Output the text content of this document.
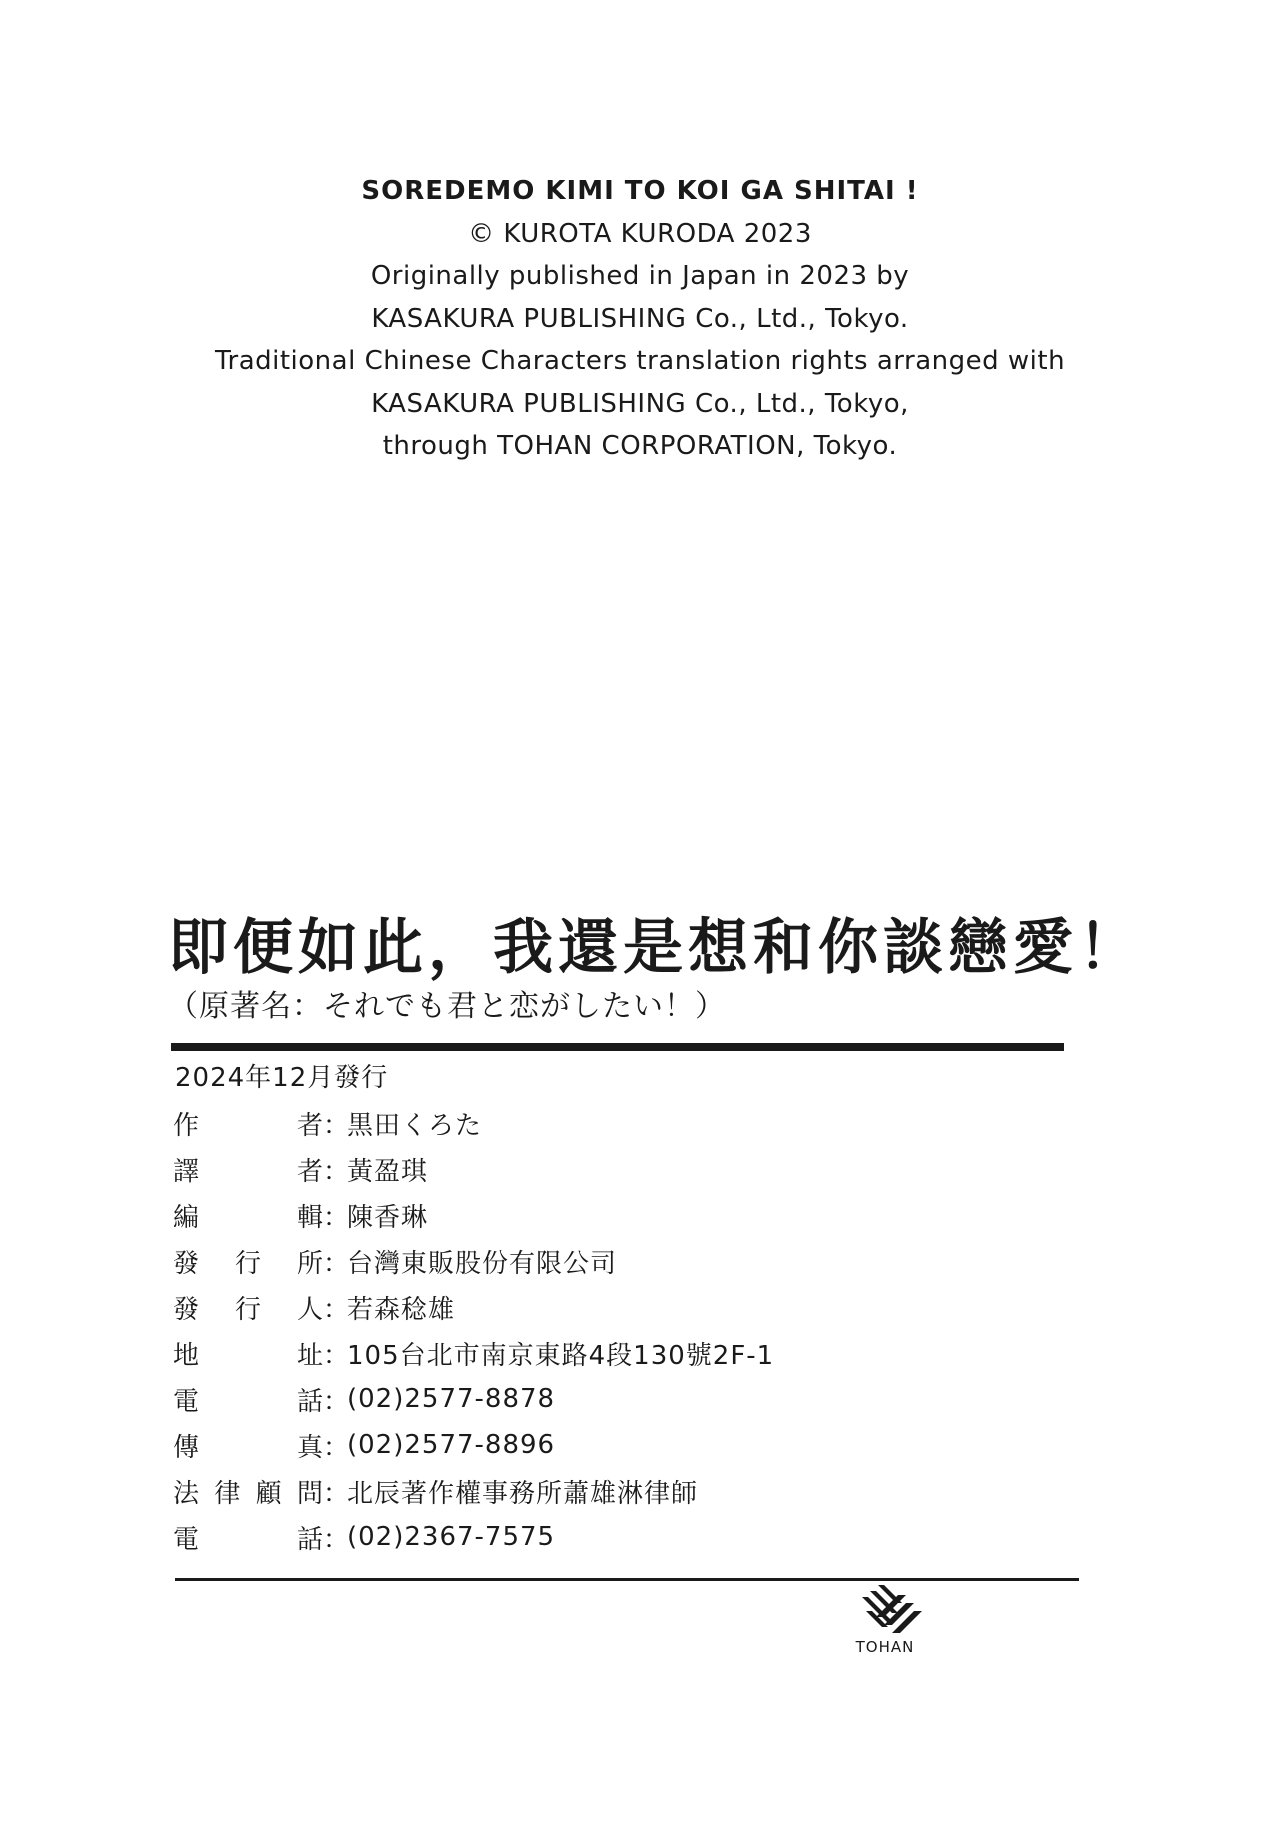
SOREDEMO KIMI TO KOI GA SHITAI !
© KUROTA KURODA 2023
Originally published in Japan in 2023 by
KASAKURA PUBLISHING Co., Ltd., Tokyo.
Traditional Chinese Characters translation rights arranged with
KASAKURA PUBLISHING Co., Ltd., Tokyo,
through TOHAN CORPORATION, Tokyo.
即便如此，我還是想和你談戀愛！
（原著名：それでも君と恋がしたい！）
2024年12月發行
作	者 ：
黒田くろた
譯	者 ：
黃盈琪
編	輯 ：
陳香琳
發 行 所 ：
台灣東販股份有限公司
發 行 人 ：
若森稔雄
地	址 ：
105台北市南京東路4段130號2F-1
電	話 ：
(02)2577-8878
傳	真 ：
(02)2577-8896
法 律 顧 問 ：
北辰著作權事務所蕭雄淋律師
電	話 ：
(02)2367-7575
TOHAN
